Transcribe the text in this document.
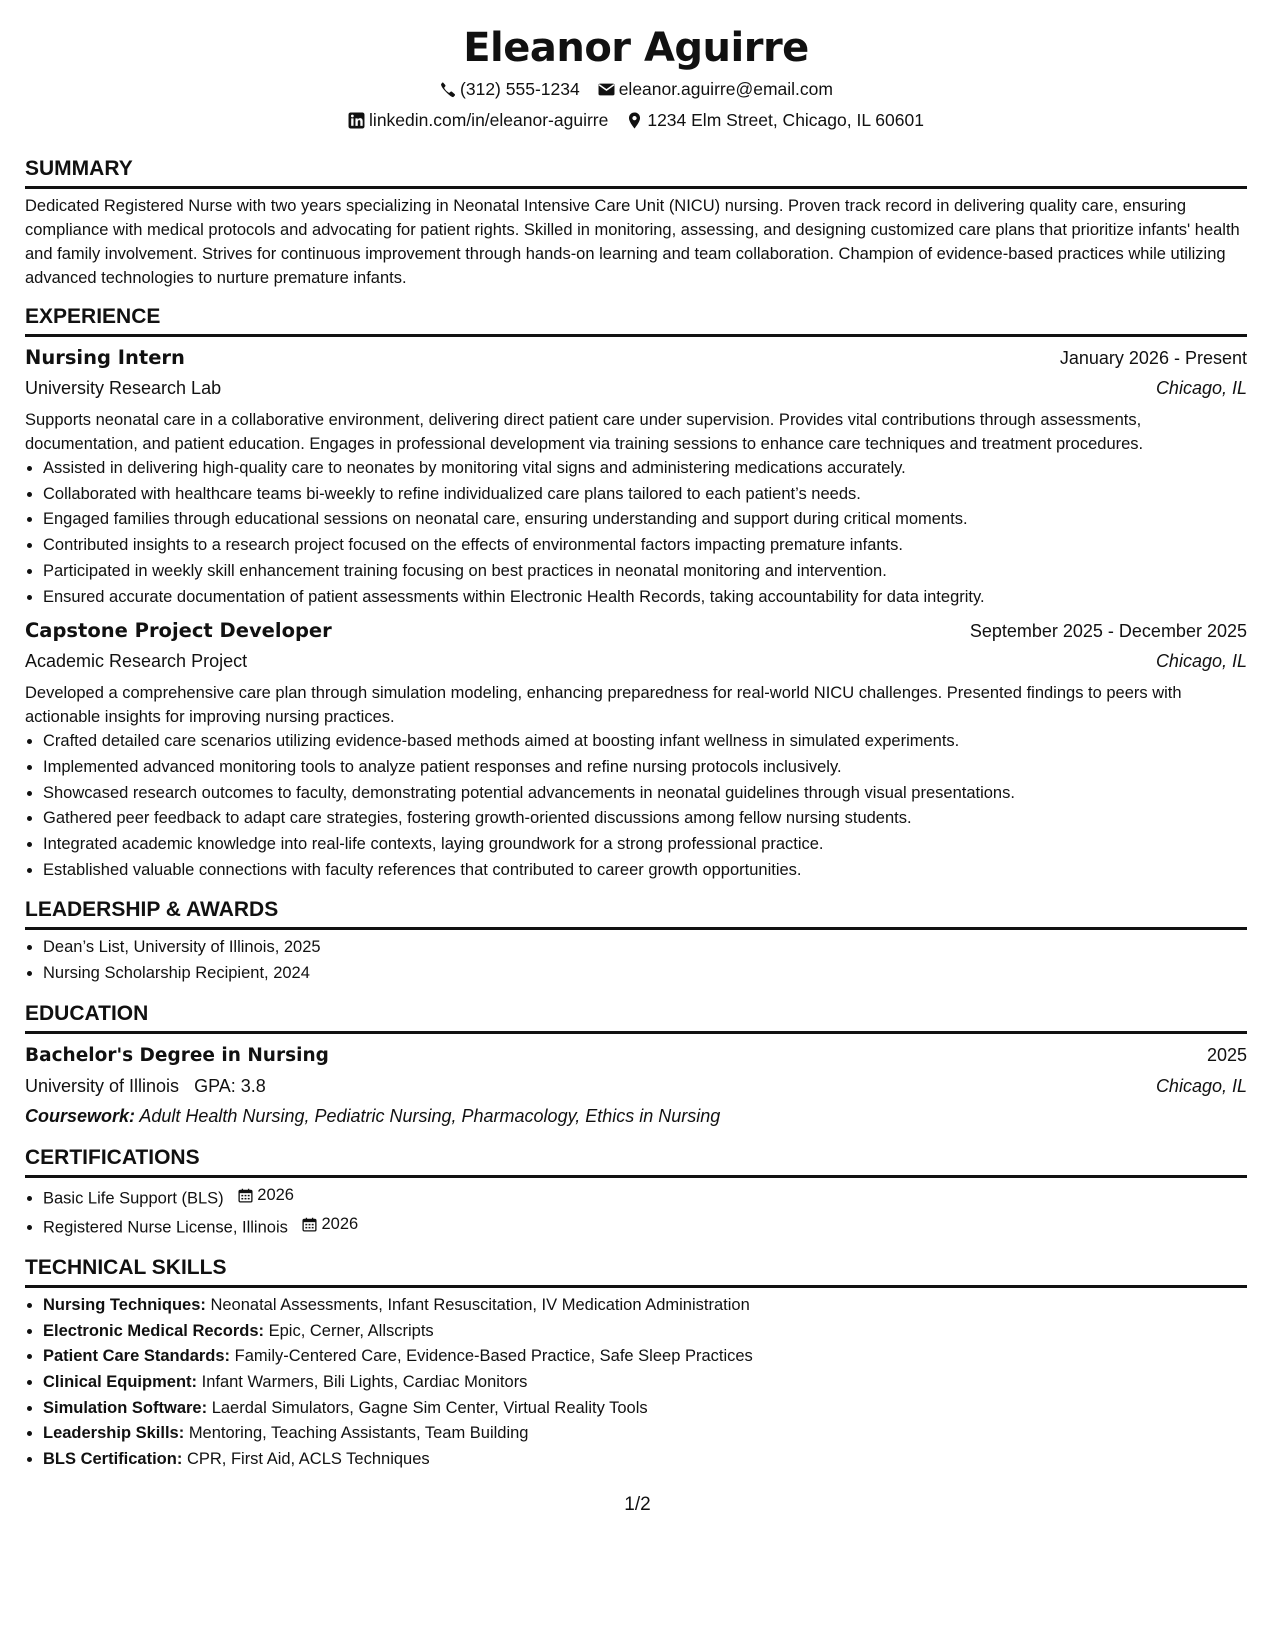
Eleanor Aguirre
(312) 555-1234 eleanor.aguirre@email.com
linkedin.com/in/eleanor-aguirre 1234 Elm Street, Chicago, IL 60601
SUMMARY
Dedicated Registered Nurse with two years specializing in Neonatal Intensive Care Unit (NICU) nursing. Proven track record in delivering quality care, ensuring compliance with medical protocols and advocating for patient rights. Skilled in monitoring, assessing, and designing customized care plans that prioritize infants' health and family involvement. Strives for continuous improvement through hands-on learning and team collaboration. Champion of evidence-based practices while utilizing advanced technologies to nurture premature infants.
EXPERIENCE
Nursing Intern	January 2026 - Present
University Research Lab	Chicago, IL
Supports neonatal care in a collaborative environment, delivering direct patient care under supervision. Provides vital contributions through assessments, documentation, and patient education. Engages in professional development via training sessions to enhance care techniques and treatment procedures.
• Assisted in delivering high-quality care to neonates by monitoring vital signs and administering medications accurately.
• Collaborated with healthcare teams bi-weekly to refine individualized care plans tailored to each patient’s needs.
• Engaged families through educational sessions on neonatal care, ensuring understanding and support during critical moments.
• Contributed insights to a research project focused on the effects of environmental factors impacting premature infants.
• Participated in weekly skill enhancement training focusing on best practices in neonatal monitoring and intervention.
• Ensured accurate documentation of patient assessments within Electronic Health Records, taking accountability for data integrity.
Capstone Project Developer	September 2025 - December 2025
Academic Research Project	Chicago, IL
Developed a comprehensive care plan through simulation modeling, enhancing preparedness for real-world NICU challenges. Presented findings to peers with actionable insights for improving nursing practices.
• Crafted detailed care scenarios utilizing evidence-based methods aimed at boosting infant wellness in simulated experiments.
• Implemented advanced monitoring tools to analyze patient responses and refine nursing protocols inclusively.
• Showcased research outcomes to faculty, demonstrating potential advancements in neonatal guidelines through visual presentations.
• Gathered peer feedback to adapt care strategies, fostering growth-oriented discussions among fellow nursing students.
• Integrated academic knowledge into real-life contexts, laying groundwork for a strong professional practice.
• Established valuable connections with faculty references that contributed to career growth opportunities.
LEADERSHIP & AWARDS
• Dean’s List, University of Illinois, 2025
• Nursing Scholarship Recipient, 2024
EDUCATION
Bachelor's Degree in Nursing	2025
University of Illinois GPA: 3.8	Chicago, IL
Coursework: Adult Health Nursing, Pediatric Nursing, Pharmacology, Ethics in Nursing
CERTIFICATIONS
• Basic Life Support (BLS) 2026
• Registered Nurse License, Illinois 2026
TECHNICAL SKILLS
• Nursing Techniques: Neonatal Assessments, Infant Resuscitation, IV Medication Administration
• Electronic Medical Records: Epic, Cerner, Allscripts
• Patient Care Standards: Family-Centered Care, Evidence-Based Practice, Safe Sleep Practices
• Clinical Equipment: Infant Warmers, Bili Lights, Cardiac Monitors
• Simulation Software: Laerdal Simulators, Gagne Sim Center, Virtual Reality Tools
• Leadership Skills: Mentoring, Teaching Assistants, Team Building
• BLS Certification: CPR, First Aid, ACLS Techniques
1/2
